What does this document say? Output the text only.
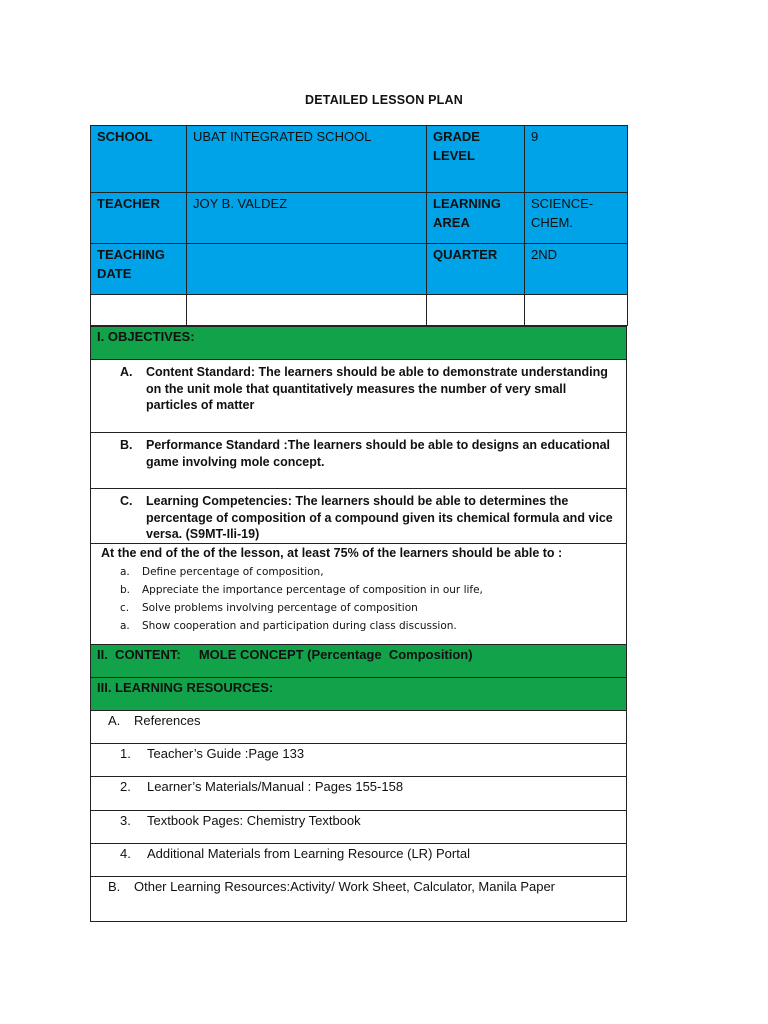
DETAILED LESSON PLAN
SCHOOL	UBAT INTEGRATED SCHOOL	GRADE LEVEL	9

TEACHER	JOY B. VALDEZ	LEARNING AREA	SCIENCE-CHEM.

TEACHING DATE		QUARTER	2ND

I. OBJECTIVES:

A.	Content Standard: The learners should be able to demonstrate understanding on the unit mole that quantitatively measures the number of very small particles of matter

B.	Performance Standard :The learners should be able to designs an educational game involving mole concept.

C.	Learning Competencies: The learners should be able to determines the percentage of composition of a compound given its chemical formula and vice versa. (S9MT-Ili-19)

At the end of the of the lesson, at least 75% of the learners should be able to :
a.	Define percentage of composition,
b.	Appreciate the importance percentage of composition in our life,
c.	Solve problems involving percentage of composition
a.	Show cooperation and participation during class discussion.

II.  CONTENT:     MOLE CONCEPT (Percentage  Composition)

III. LEARNING RESOURCES:

A.	References

1.	Teacher’s Guide :Page 133

2.	Learner’s Materials/Manual : Pages 155-158

3.	Textbook Pages: Chemistry Textbook

4.	Additional Materials from Learning Resource (LR) Portal

B.	Other Learning Resources:Activity/ Work Sheet, Calculator, Manila Paper
